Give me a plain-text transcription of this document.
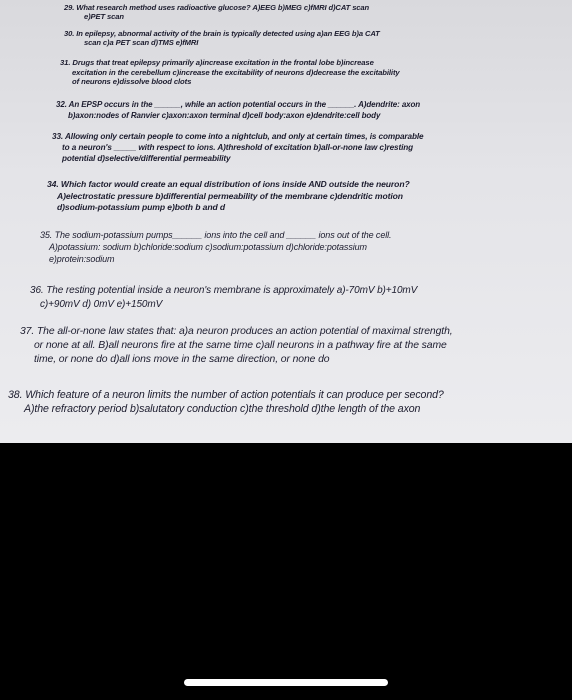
29. What research method uses radioactive glucose? A)EEG b)MEG c)fMRI d)CAT scan
e)PET scan
30. In epilepsy, abnormal activity of the brain is typically detected using a)an EEG b)a CAT
scan c)a PET scan d)TMS e)fMRI
31. Drugs that treat epilepsy primarily a)increase excitation in the frontal lobe b)increase
excitation in the cerebellum c)increase the excitability of neurons d)decrease the excitability
of neurons e)dissolve blood clots
32. An EPSP occurs in the ______, while an action potential occurs in the ______. A)dendrite: axon
b)axon:nodes of Ranvier c)axon:axon terminal d)cell body:axon e)dendrite:cell body
33. Allowing only certain people to come into a nightclub, and only at certain times, is comparable
to a neuron's _____ with respect to ions. A)threshold of excitation b)all-or-none law c)resting
potential d)selective/differential permeability
34. Which factor would create an equal distribution of ions inside AND outside the neuron?
A)electrostatic pressure b)differential permeability of the membrane c)dendritic motion
d)sodium-potassium pump e)both b and d
35. The sodium-potassium pumps______ ions into the cell and ______ ions out of the cell.
A)potassium: sodium b)chloride:sodium c)sodium:potassium d)chloride:potassium
e)protein:sodium
36. The resting potential inside a neuron's membrane is approximately a)-70mV b)+10mV
c)+90mV d) 0mV e)+150mV
37. The all-or-none law states that: a)a neuron produces an action potential of maximal strength,
or none at all. B)all neurons fire at the same time c)all neurons in a pathway fire at the same
time, or none do d)all ions move in the same direction, or none do
38. Which feature of a neuron limits the number of action potentials it can produce per second?
A)the refractory period b)salutatory conduction c)the threshold d)the length of the axon
